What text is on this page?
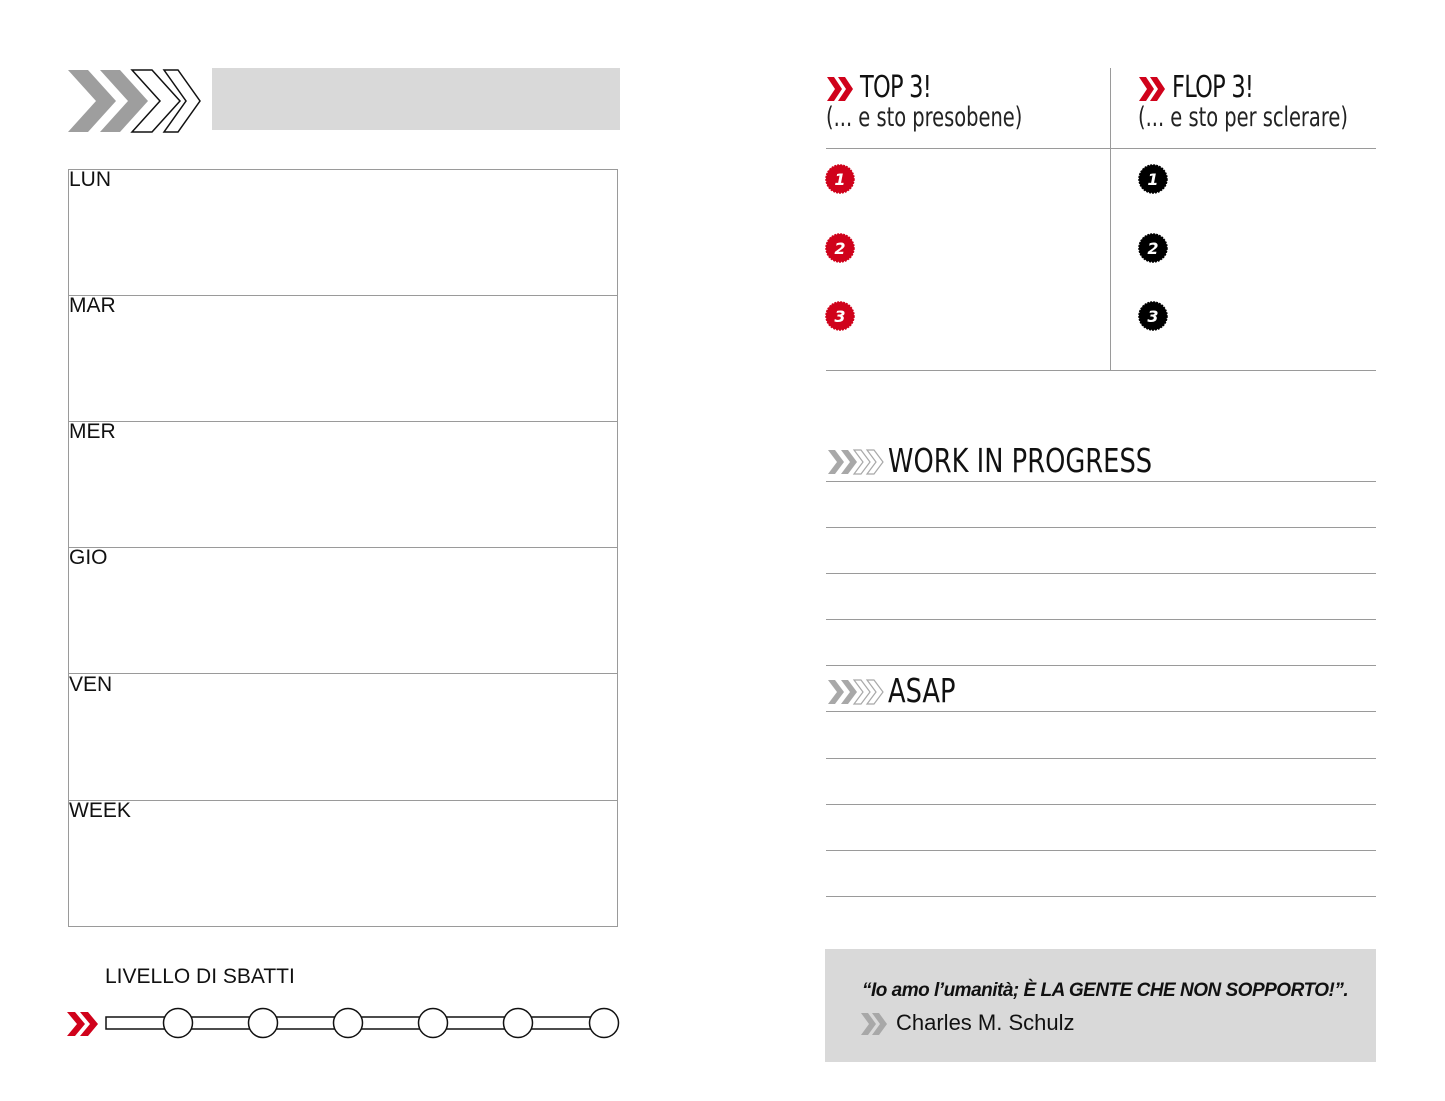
LUN
MAR
MER
GIO
VEN
WEEK
LIVELLO DI SBATTI
TOP 3!
(... e sto presobene)
FLOP 3!
(... e sto per sclerare)
1
2
3
1
2
3
WORK IN PROGRESS
ASAP
“Io amo l’umanità; È LA GENTE CHE NON SOPPORTO!”.
Charles M. Schulz
